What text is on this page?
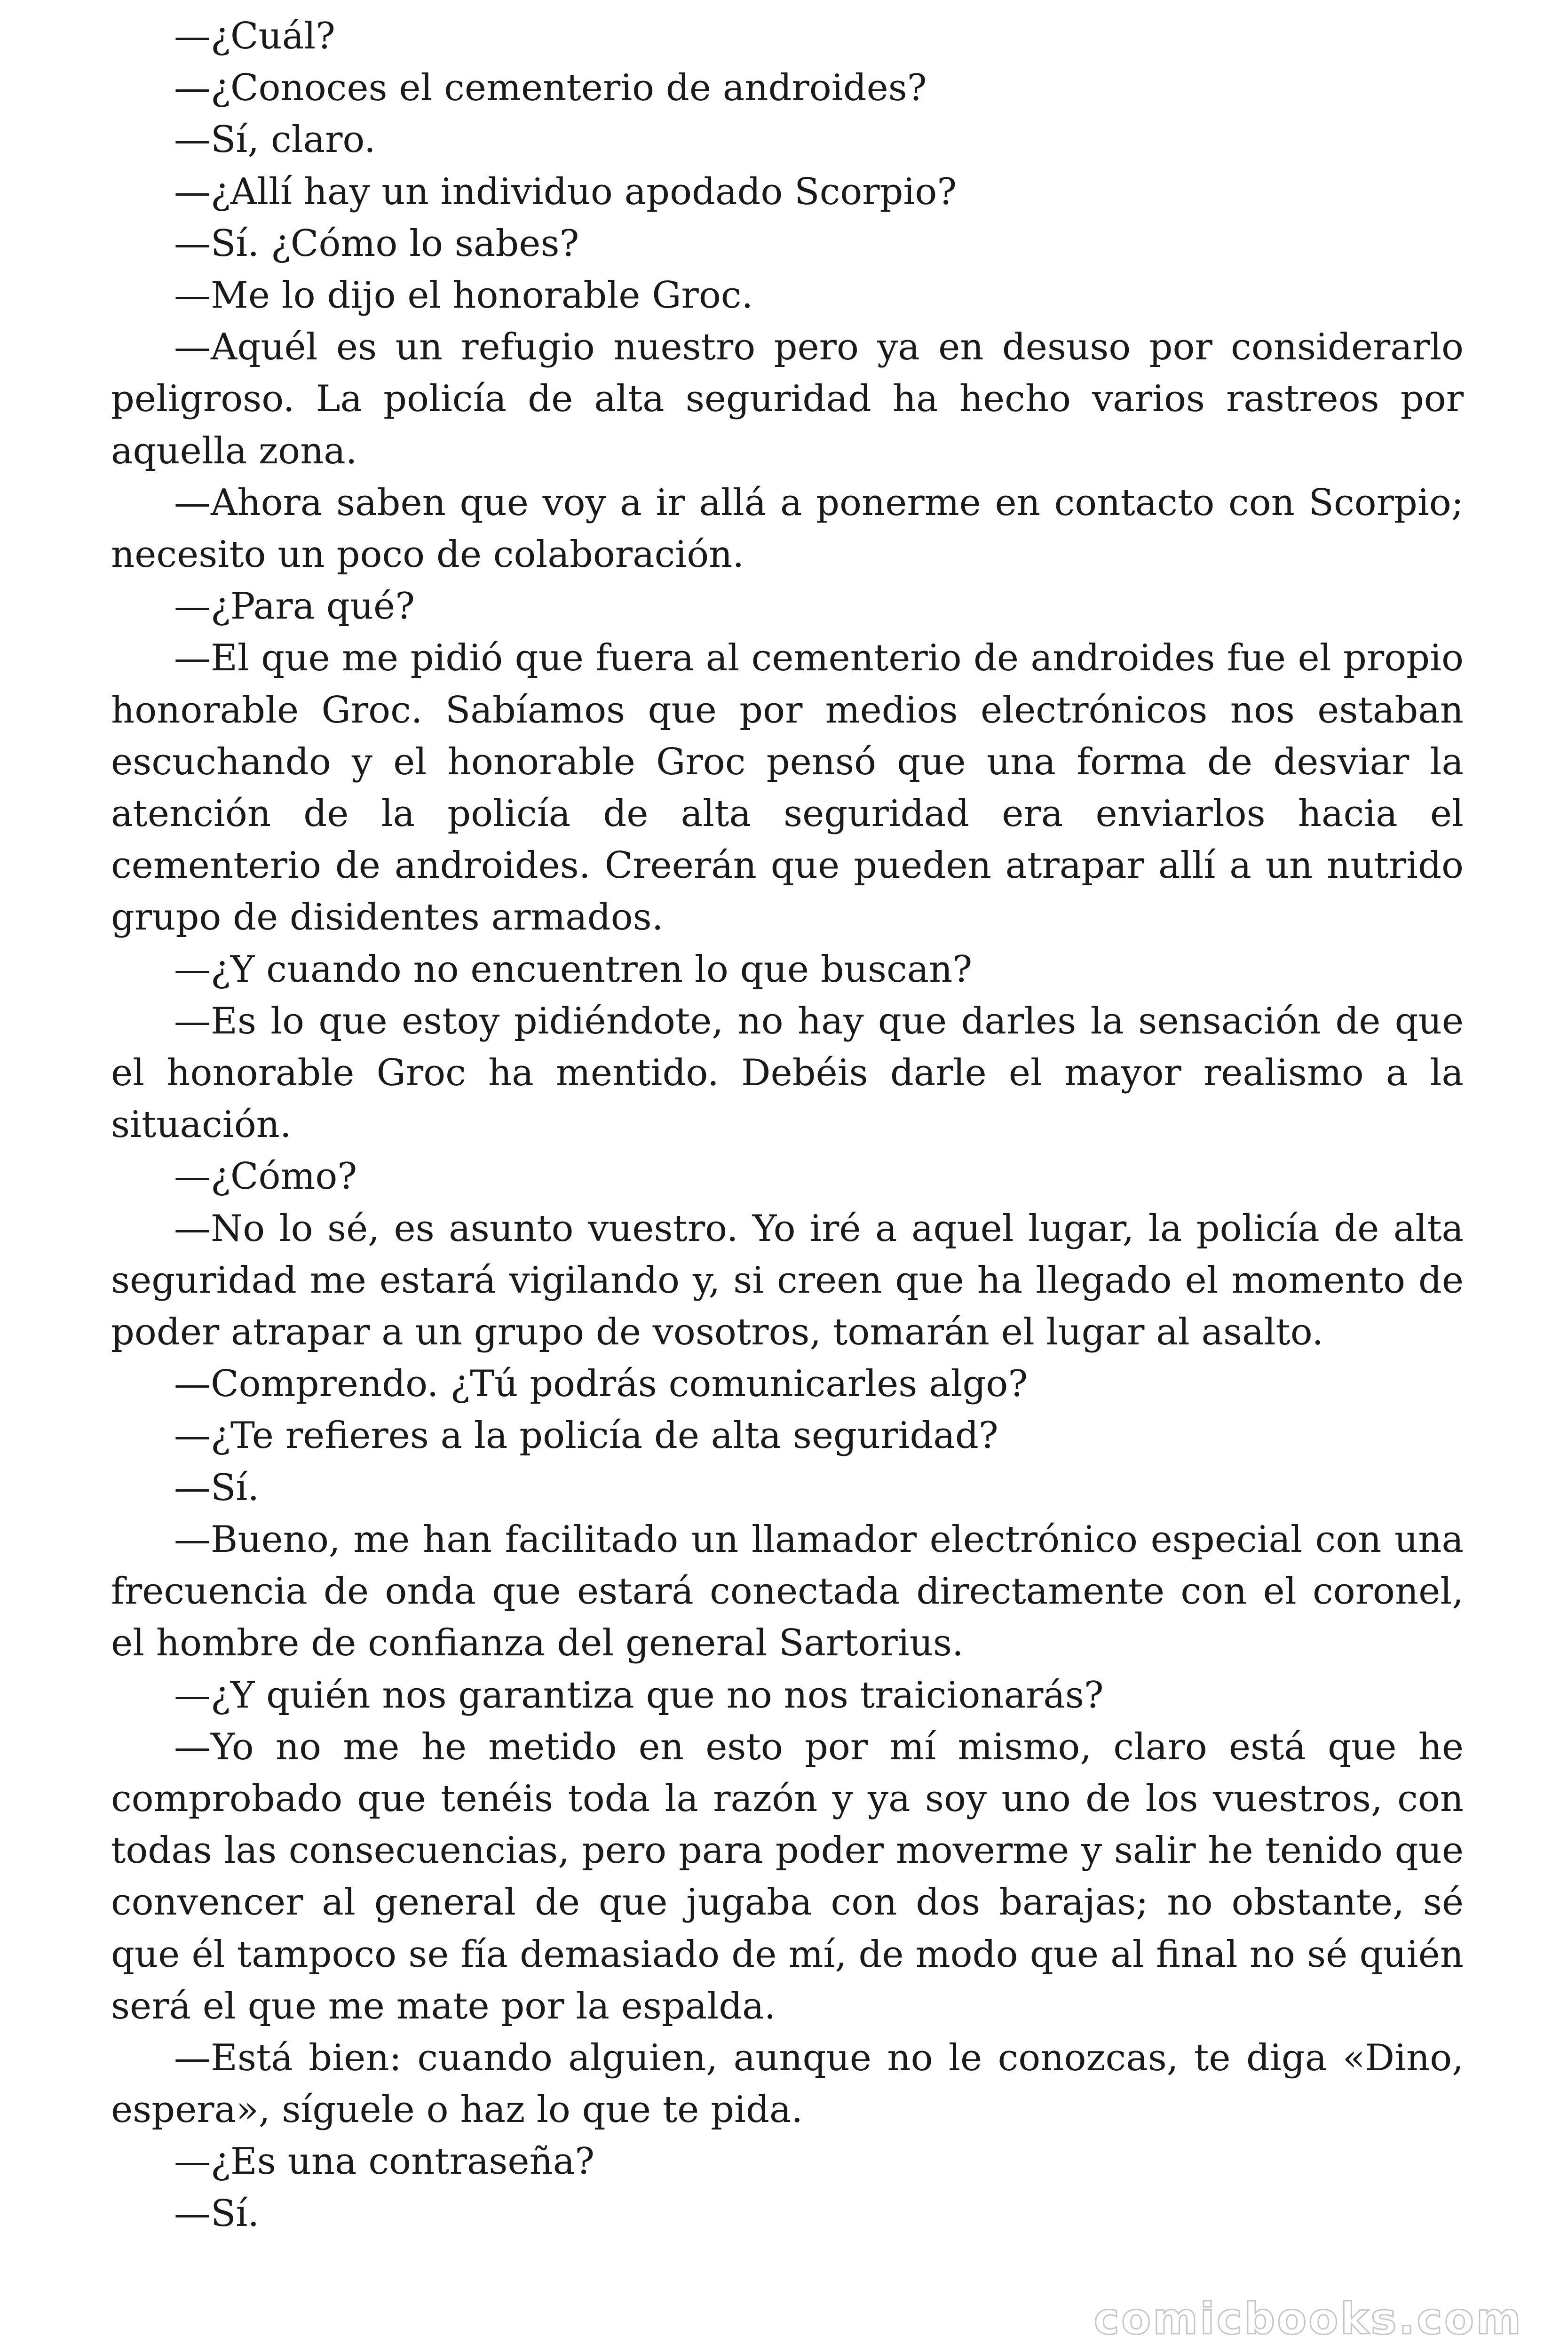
—¿Cuál?

—¿Conoces el cementerio de androides?

—Sí, claro.

—¿Allí hay un individuo apodado Scorpio?

—Sí. ¿Cómo lo sabes?

—Me lo dijo el honorable Groc.

—Aquél es un refugio nuestro pero ya en desuso por considerarlo peligroso. La policía de alta seguridad ha hecho varios rastreos por aquella zona.

—Ahora saben que voy a ir allá a ponerme en contacto con Scorpio; necesito un poco de colaboración.

—¿Para qué?

—El que me pidió que fuera al cementerio de androides fue el propio honorable Groc. Sabíamos que por medios electrónicos nos estaban escuchando y el honorable Groc pensó que una forma de desviar la atención de la policía de alta seguridad era enviarlos hacia el cementerio de androides. Creerán que pueden atrapar allí a un nutrido grupo de disidentes armados.

—¿Y cuando no encuentren lo que buscan?

—Es lo que estoy pidiéndote, no hay que darles la sensación de que el honorable Groc ha mentido. Debéis darle el mayor realismo a la situación.

—¿Cómo?

—No lo sé, es asunto vuestro. Yo iré a aquel lugar, la policía de alta seguridad me estará vigilando y, si creen que ha llegado el momento de poder atrapar a un grupo de vosotros, tomarán el lugar al asalto.

—Comprendo. ¿Tú podrás comunicarles algo?

—¿Te refieres a la policía de alta seguridad?

—Sí.

—Bueno, me han facilitado un llamador electrónico especial con una frecuencia de onda que estará conectada directamente con el coronel, el hombre de confianza del general Sartorius.

—¿Y quién nos garantiza que no nos traicionarás?

—Yo no me he metido en esto por mí mismo, claro está que he comprobado que tenéis toda la razón y ya soy uno de los vuestros, con todas las consecuencias, pero para poder moverme y salir he tenido que convencer al general de que jugaba con dos barajas; no obstante, sé que él tampoco se fía demasiado de mí, de modo que al final no sé quién será el que me mate por la espalda.

—Está bien: cuando alguien, aunque no le conozcas, te diga «Dino, espera», síguele o haz lo que te pida.

—¿Es una contraseña?

—Sí.

comicbooks.com
